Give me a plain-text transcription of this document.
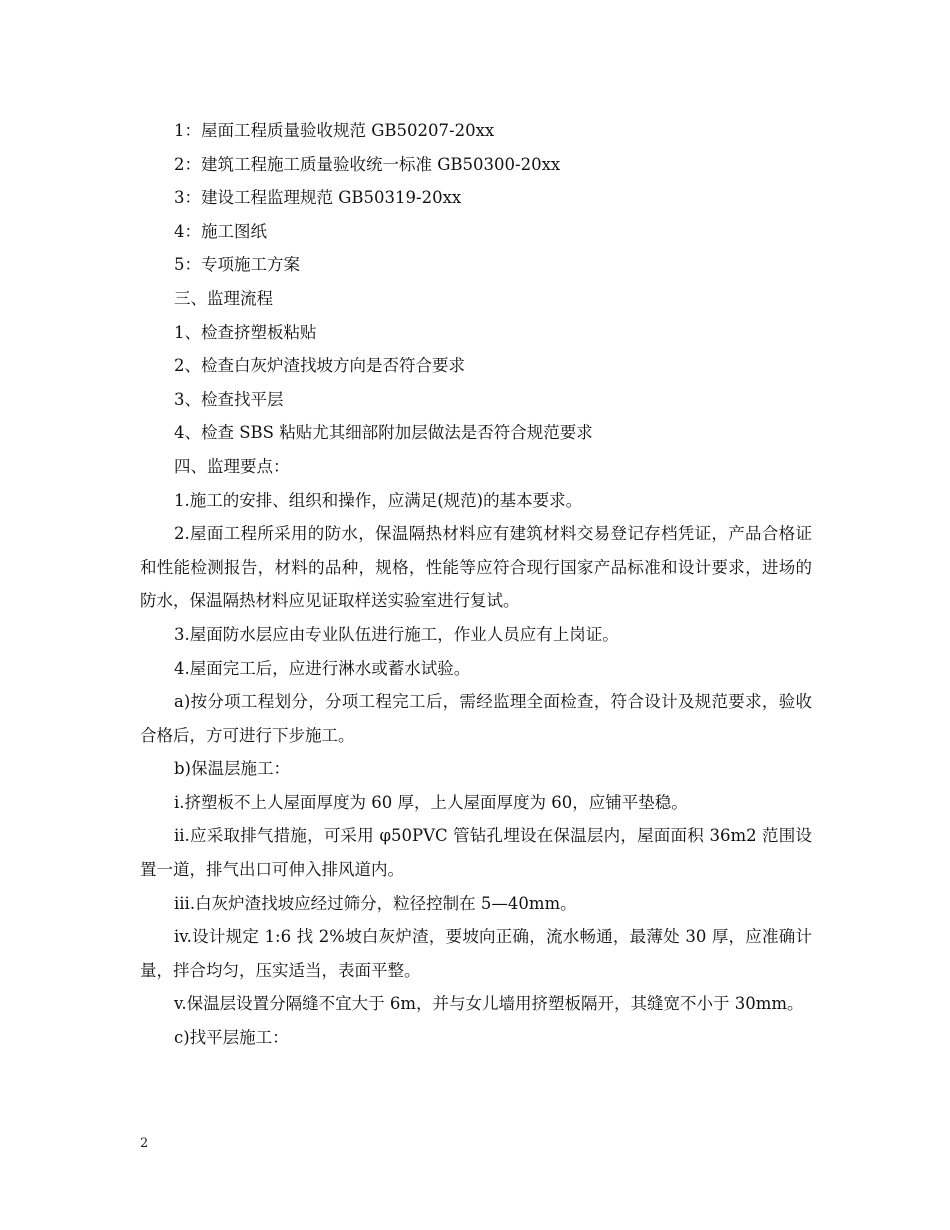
1：屋面工程质量验收规范 GB50207-20xx

2：建筑工程施工质量验收统一标准 GB50300-20xx

3：建设工程监理规范 GB50319-20xx

4：施工图纸

5：专项施工方案

三、监理流程

1、检查挤塑板粘贴

2、检查白灰炉渣找坡方向是否符合要求

3、检查找平层

4、检查 SBS 粘贴尤其细部附加层做法是否符合规范要求

四、监理要点：

1.施工的安排、组织和操作，应满足(规范)的基本要求。

2.屋面工程所采用的防水，保温隔热材料应有建筑材料交易登记存档凭证，产品合格证和性能检测报告，材料的品种，规格，性能等应符合现行国家产品标准和设计要求，进场的防水，保温隔热材料应见证取样送实验室进行复试。

3.屋面防水层应由专业队伍进行施工，作业人员应有上岗证。

4.屋面完工后，应进行淋水或蓄水试验。

a)按分项工程划分，分项工程完工后，需经监理全面检查，符合设计及规范要求，验收合格后，方可进行下步施工。

b)保温层施工：

i.挤塑板不上人屋面厚度为 60 厚，上人屋面厚度为 60，应铺平垫稳。

ii.应采取排气措施，可采用 φ50PVC 管钻孔埋设在保温层内，屋面面积 36m2 范围设置一道，排气出口可伸入排风道内。

iii.白灰炉渣找坡应经过筛分，粒径控制在 5—40mm。

iv.设计规定 1:6 找 2%坡白灰炉渣，要坡向正确，流水畅通，最薄处 30 厚，应准确计量，拌合均匀，压实适当，表面平整。

v.保温层设置分隔缝不宜大于 6m，并与女儿墙用挤塑板隔开，其缝宽不小于 30mm。

c)找平层施工：

2
